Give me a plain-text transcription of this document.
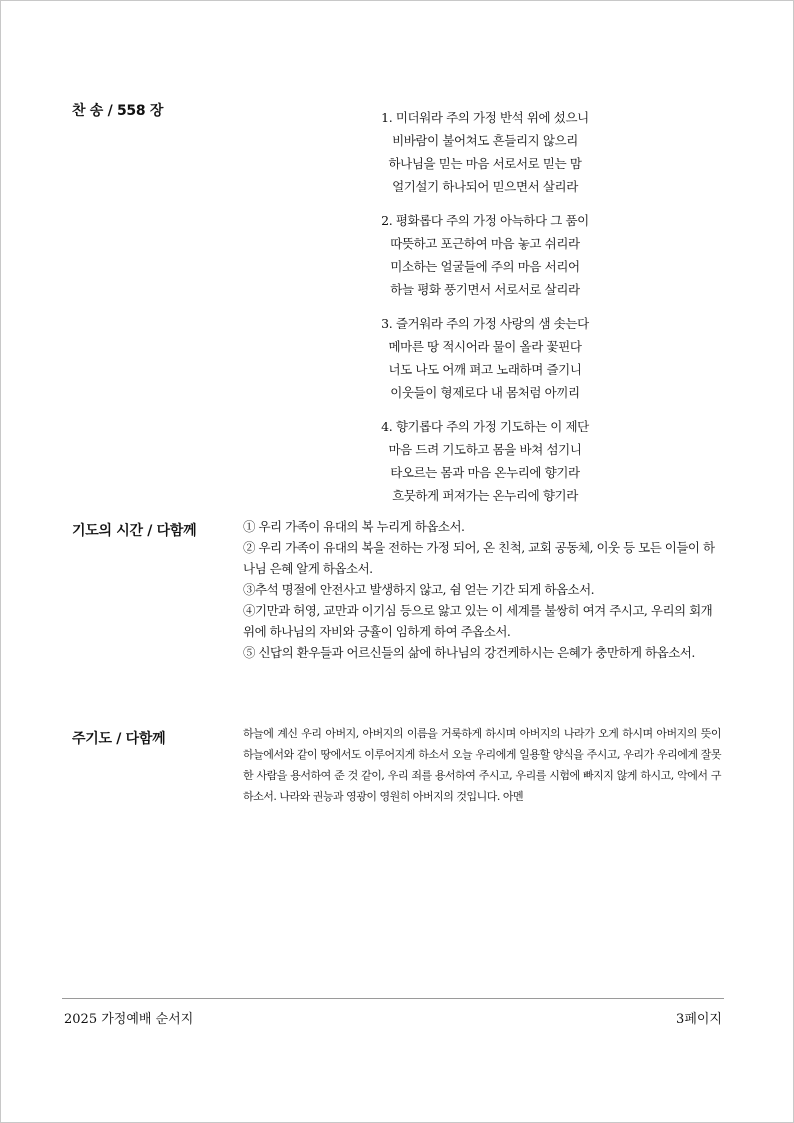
찬 송 / 558 장	1. 미더워라 주의 가정 반석 위에 섰으니
비바람이 불어쳐도 흔들리지 않으리
하나님을 믿는 마음 서로서로 믿는 맘
얼기설기 하나되어 믿으면서 살리라
2. 평화롭다 주의 가정 아늑하다 그 품이
따뜻하고 포근하여 마음 놓고 쉬리라
미소하는 얼굴들에 주의 마음 서리어
하늘 평화 풍기면서 서로서로 살리라
3. 즐거워라 주의 가정 사랑의 샘 솟는다
메마른 땅 적시어라 물이 올라 꽃핀다
너도 나도 어깨 펴고 노래하며 즐기니
이웃들이 형제로다 내 몸처럼 아끼리
4. 향기롭다 주의 가정 기도하는 이 제단
마음 드려 기도하고 몸을 바쳐 섬기니
타오르는 몸과 마음 온누리에 향기라
흐뭇하게 퍼져가는 온누리에 향기라
기도의 시간 / 다함께	① 우리 가족이 유대의 복 누리게 하옵소서.
② 우리 가족이 유대의 복을 전하는 가정 되어, 온 친척, 교회 공동체, 이웃 등 모든 이들이 하나님 은혜 알게 하옵소서.
③추석 명절에 안전사고 발생하지 않고, 쉼 얻는 기간 되게 하옵소서.
④기만과 허영, 교만과 이기심 등으로 앓고 있는 이 세계를 불쌍히 여겨 주시고, 우리의 회개 위에 하나님의 자비와 긍휼이 임하게 하여 주옵소서.
⑤ 신답의 환우들과 어르신들의 삶에 하나님의 강건케하시는 은혜가 충만하게 하옵소서.
주기도 / 다함께	하늘에 계신 우리 아버지, 아버지의 이름을 거룩하게 하시며 아버지의 나라가 오게 하시며 아버지의 뜻이 하늘에서와 같이 땅에서도 이루어지게 하소서 오늘 우리에게 일용할 양식을 주시고, 우리가 우리에게 잘못한 사람을 용서하여 준 것 같이, 우리 죄를 용서하여 주시고, 우리를 시험에 빠지지 않게 하시고, 악에서 구하소서. 나라와 권능과 영광이 영원히 아버지의 것입니다. 아멘
2025 가정예배 순서지	3페이지
